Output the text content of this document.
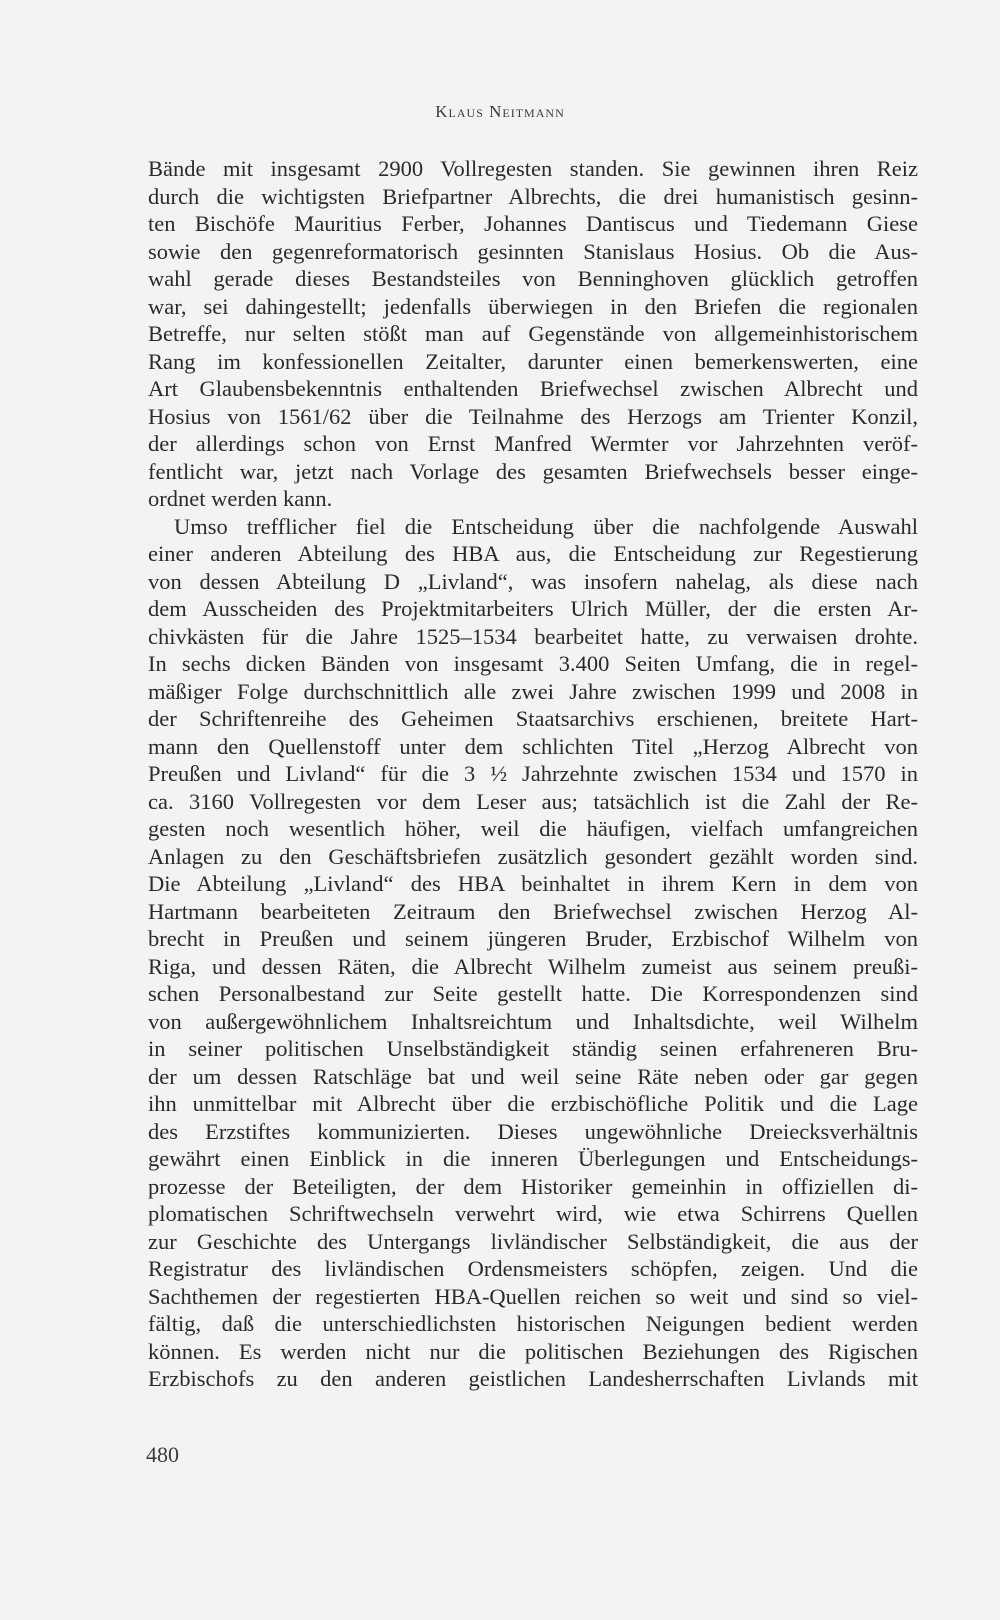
Klaus Neitmann
Bände mit insgesamt 2900 Vollregesten standen. Sie gewinnen ihren Reiz
durch die wichtigsten Briefpartner Albrechts, die drei humanistisch gesinn-
ten Bischöfe Mauritius Ferber, Johannes Dantiscus und Tiedemann Giese
sowie den gegenreformatorisch gesinnten Stanislaus Hosius. Ob die Aus-
wahl gerade dieses Bestandsteiles von Benninghoven glücklich getroffen
war, sei dahingestellt; jedenfalls überwiegen in den Briefen die regionalen
Betreffe, nur selten stößt man auf Gegenstände von allgemeinhistorischem
Rang im konfessionellen Zeitalter, darunter einen bemerkenswerten, eine
Art Glaubensbekenntnis enthaltenden Briefwechsel zwischen Albrecht und
Hosius von 1561/62 über die Teilnahme des Herzogs am Trienter Konzil,
der allerdings schon von Ernst Manfred Wermter vor Jahrzehnten veröf-
fentlicht war, jetzt nach Vorlage des gesamten Briefwechsels besser einge-
ordnet werden kann.
Umso trefflicher fiel die Entscheidung über die nachfolgende Auswahl
einer anderen Abteilung des HBA aus, die Entscheidung zur Regestierung
von dessen Abteilung D „Livland“, was insofern nahelag, als diese nach
dem Ausscheiden des Projektmitarbeiters Ulrich Müller, der die ersten Ar-
chivkästen für die Jahre 1525–1534 bearbeitet hatte, zu verwaisen drohte.
In sechs dicken Bänden von insgesamt 3.400 Seiten Umfang, die in regel-
mäßiger Folge durchschnittlich alle zwei Jahre zwischen 1999 und 2008 in
der Schriftenreihe des Geheimen Staatsarchivs erschienen, breitete Hart-
mann den Quellenstoff unter dem schlichten Titel „Herzog Albrecht von
Preußen und Livland“ für die 3 ½ Jahrzehnte zwischen 1534 und 1570 in
ca. 3160 Vollregesten vor dem Leser aus; tatsächlich ist die Zahl der Re-
gesten noch wesentlich höher, weil die häufigen, vielfach umfangreichen
Anlagen zu den Geschäftsbriefen zusätzlich gesondert gezählt worden sind.
Die Abteilung „Livland“ des HBA beinhaltet in ihrem Kern in dem von
Hartmann bearbeiteten Zeitraum den Briefwechsel zwischen Herzog Al-
brecht in Preußen und seinem jüngeren Bruder, Erzbischof Wilhelm von
Riga, und dessen Räten, die Albrecht Wilhelm zumeist aus seinem preußi-
schen Personalbestand zur Seite gestellt hatte. Die Korrespondenzen sind
von außergewöhnlichem Inhaltsreichtum und Inhaltsdichte, weil Wilhelm
in seiner politischen Unselbständigkeit ständig seinen erfahreneren Bru-
der um dessen Ratschläge bat und weil seine Räte neben oder gar gegen
ihn unmittelbar mit Albrecht über die erzbischöfliche Politik und die Lage
des Erzstiftes kommunizierten. Dieses ungewöhnliche Dreiecksverhältnis
gewährt einen Einblick in die inneren Überlegungen und Entscheidungs-
prozesse der Beteiligten, der dem Historiker gemeinhin in offiziellen di-
plomatischen Schriftwechseln verwehrt wird, wie etwa Schirrens Quellen
zur Geschichte des Untergangs livländischer Selbständigkeit, die aus der
Registratur des livländischen Ordensmeisters schöpfen, zeigen. Und die
Sachthemen der regestierten HBA-Quellen reichen so weit und sind so viel-
fältig, daß die unterschiedlichsten historischen Neigungen bedient werden
können. Es werden nicht nur die politischen Beziehungen des Rigischen
Erzbischofs zu den anderen geistlichen Landesherrschaften Livlands mit
480
